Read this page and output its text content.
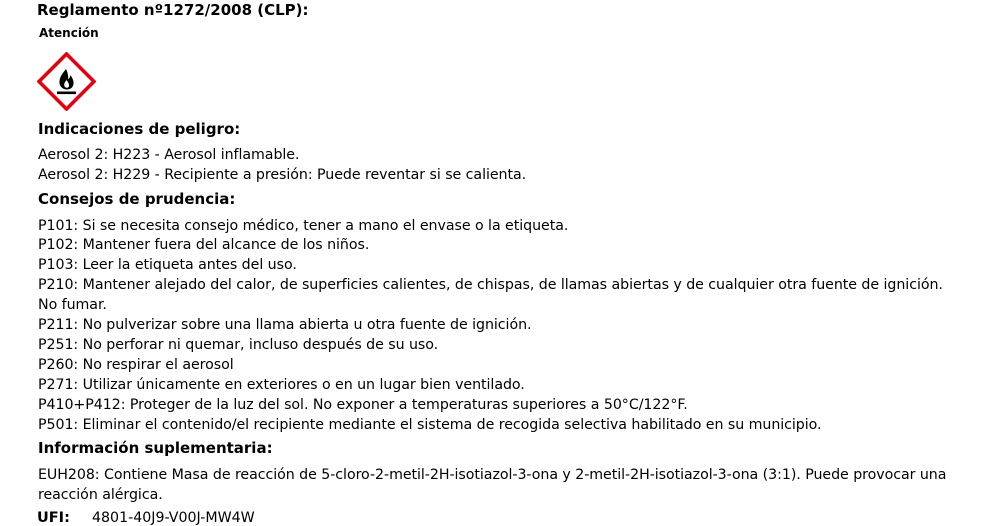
Reglamento nº1272/2008 (CLP):
Atención
Indicaciones de peligro:
Aerosol 2: H223 - Aerosol inflamable.
Aerosol 2: H229 - Recipiente a presión: Puede reventar si se calienta.
Consejos de prudencia:
P101: Si se necesita consejo médico, tener a mano el envase o la etiqueta.
P102: Mantener fuera del alcance de los niños.
P103: Leer la etiqueta antes del uso.
P210: Mantener alejado del calor, de superficies calientes, de chispas, de llamas abiertas y de cualquier otra fuente de ignición.
No fumar.
P211: No pulverizar sobre una llama abierta u otra fuente de ignición.
P251: No perforar ni quemar, incluso después de su uso.
P260: No respirar el aerosol
P271: Utilizar únicamente en exteriores o en un lugar bien ventilado.
P410+P412: Proteger de la luz del sol. No exponer a temperaturas superiores a 50°C/122°F.
P501: Eliminar el contenido/el recipiente mediante el sistema de recogida selectiva habilitado en su municipio.
Información suplementaria:
EUH208: Contiene Masa de reacción de 5-cloro-2-metil-2H-isotiazol-3-ona y 2-metil-2H-isotiazol-3-ona (3:1). Puede provocar una
reacción alérgica.
UFI: 4801-40J9-V00J-MW4W
